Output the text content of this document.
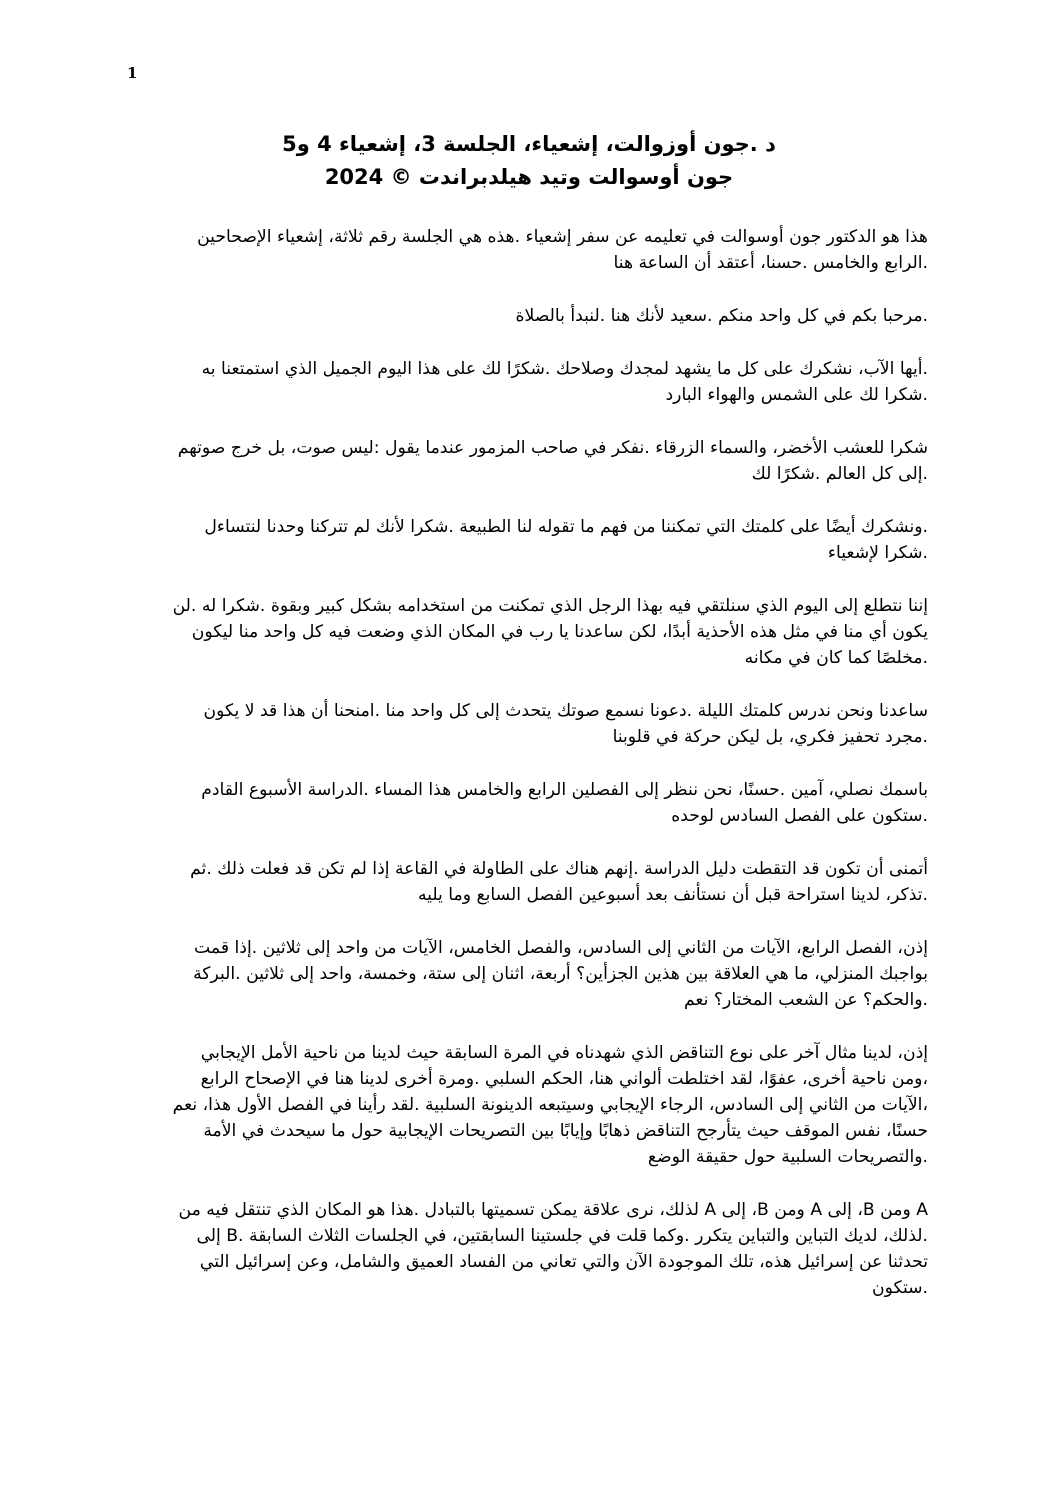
1
د .جون أوزوالت، إشعياء، الجلسة 3، إشعياء 4 و5
جون أوسوالت وتيد هيلدبراندت © 2024

هذا هو الدكتور جون أوسوالت في تعليمه عن سفر إشعياء .هذه هي الجلسة رقم ثلاثة، إشعياء الإصحاحين
.الرابع والخامس .حسنا، أعتقد أن الساعة هنا

.مرحبا بكم في كل واحد منكم .سعيد لأنك هنا .لنبدأ بالصلاة

.أيها الآب، نشكرك على كل ما يشهد لمجدك وصلاحك .شكرًا لك على هذا اليوم الجميل الذي استمتعنا به
.شكرا لك على الشمس والهواء البارد

شكرا للعشب الأخضر، والسماء الزرقاء .نفكر في صاحب المزمور عندما يقول :ليس صوت، بل خرج صوتهم
.إلى كل العالم .شكرًا لك

.ونشكرك أيضًا على كلمتك التي تمكننا من فهم ما تقوله لنا الطبيعة .شكرا لأنك لم تتركنا وحدنا لنتساءل
.شكرا لإشعياء

إننا نتطلع إلى اليوم الذي سنلتقي فيه بهذا الرجل الذي تمكنت من استخدامه بشكل كبير وبقوة .شكرا له .لن
يكون أي منا في مثل هذه الأحذية أبدًا، لكن ساعدنا يا رب في المكان الذي وضعت فيه كل واحد منا ليكون
.مخلصًا كما كان في مكانه

ساعدنا ونحن ندرس كلمتك الليلة .دعونا نسمع صوتك يتحدث إلى كل واحد منا .امنحنا أن هذا قد لا يكون
.مجرد تحفيز فكري، بل ليكن حركة في قلوبنا

باسمك نصلي، آمين .حسنًا، نحن ننظر إلى الفصلين الرابع والخامس هذا المساء .الدراسة الأسبوع القادم
.ستكون على الفصل السادس لوحده

أتمنى أن تكون قد التقطت دليل الدراسة .إنهم هناك على الطاولة في القاعة إذا لم تكن قد فعلت ذلك .ثم
.تذكر، لدينا استراحة قبل أن نستأنف بعد أسبوعين الفصل السابع وما يليه

إذن، الفصل الرابع، الآيات من الثاني إلى السادس، والفصل الخامس، الآيات من واحد إلى ثلاثين .إذا قمت
بواجبك المنزلي، ما هي العلاقة بين هذين الجزأين؟ أربعة، اثنان إلى ستة، وخمسة، واحد إلى ثلاثين .البركة
.والحكم؟ عن الشعب المختار؟ نعم

إذن، لدينا مثال آخر على نوع التناقض الذي شهدناه في المرة السابقة حيث لدينا من ناحية الأمل الإيجابي
،ومن ناحية أخرى، عفوًا، لقد اختلطت ألواني هنا، الحكم السلبي .ومرة أخرى لدينا هنا في الإصحاح الرابع
،الآيات من الثاني إلى السادس، الرجاء الإيجابي وسيتبعه الدينونة السلبية .لقد رأينا في الفصل الأول هذا، نعم
حسنًا، نفس الموقف حيث يتأرجح التناقض ذهابًا وإيابًا بين التصريحات الإيجابية حول ما سيحدث في الأمة
.والتصريحات السلبية حول حقيقة الوضع

A ومن B، إلى A ومن B، إلى A لذلك، نرى علاقة يمكن تسميتها بالتبادل .هذا هو المكان الذي تنتقل فيه من
.لذلك، لديك التباين والتباين يتكرر .وكما قلت في جلستينا السابقتين، في الجلسات الثلاث السابقة .B إلى
تحدثنا عن إسرائيل هذه، تلك الموجودة الآن والتي تعاني من الفساد العميق والشامل، وعن إسرائيل التي
.ستكون
